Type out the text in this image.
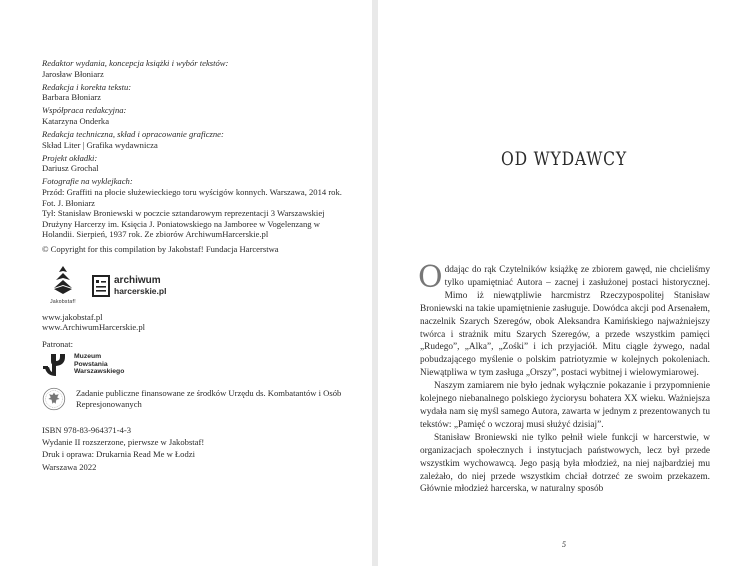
Redaktor wydania, koncepcja książki i wybór tekstów:
Jarosław Błoniarz
Redakcja i korekta tekstu:
Barbara Błoniarz
Współpraca redakcyjna:
Katarzyna Onderka
Redakcja techniczna, skład i opracowanie graficzne:
Skład Liter | Grafika wydawnicza
Projekt okładki:
Dariusz Grochal
Fotografie na wyklejkach:
Przód: Graffiti na płocie służewieckiego toru wyścigów konnych. Warszawa, 2014 rok. Fot. J. Błoniarz
Tył: Stanisław Broniewski w poczcie sztandarowym reprezentacji 3 Warszawskiej Drużyny Harcerzy im. Księcia J. Poniatowskiego na Jamboree w Vogelenzang w Holandii. Sierpień, 1937 rok. Ze zbiorów ArchiwumHarcerskie.pl
© Copyright for this compilation by Jakobstaf! Fundacja Harcerstwa
Jakobstaf!
archiwum
harcerskie.pl
www.jakobstaf.pl
www.ArchiwumHarcerskie.pl
Patronat:
Muzeum
Powstania
Warszawskiego
Zadanie publiczne finansowane ze środków Urzędu ds. Kombatantów i Osób Represjonowanych
ISBN 978-83-964371-4-3
Wydanie II rozszerzone, pierwsze w Jakobstaf!
Druk i oprawa: Drukarnia Read Me w Łodzi
Warszawa 2022
OD WYDAWCY

Oddając do rąk Czytelników książkę ze zbiorem gawęd, nie chcieliśmy tylko upamiętniać Autora – zacnej i zasłużonej postaci historycznej. Mimo iż niewątpliwie harcmistrz Rzeczypospolitej Stanisław Broniewski na takie upamiętnienie zasługuje. Dowódca akcji pod Arsenałem, naczelnik Szarych Szeregów, obok Aleksandra Kamińskiego najważniejszy twórca i strażnik mitu Szarych Szeregów, a przede wszystkim pamięci „Rudego”, „Alka”, „Zośki” i ich przyjaciół. Mitu ciągle żywego, nadal pobudzającego myślenie o polskim patriotyzmie w kolejnych pokoleniach. Niewątpliwa w tym zasługa „Orszy”, postaci wybitnej i wielowymiarowej.

Naszym zamiarem nie było jednak wyłącznie pokazanie i przypomnienie kolejnego niebanalnego polskiego życiorysu bohatera XX wieku. Ważniejsza wydała nam się myśl samego Autora, zawarta w jednym z prezentowanych tu tekstów: „Pamięć o wczoraj musi służyć dzisiaj”.

Stanisław Broniewski nie tylko pełnił wiele funkcji w harcerstwie, w organizacjach społecznych i instytucjach państwowych, lecz był przede wszystkim wychowawcą. Jego pasją była młodzież, na niej najbardziej mu zależało, do niej przede wszystkim chciał dotrzeć ze swoim przekazem. Głównie młodzież harcerska, w naturalny sposób

5
